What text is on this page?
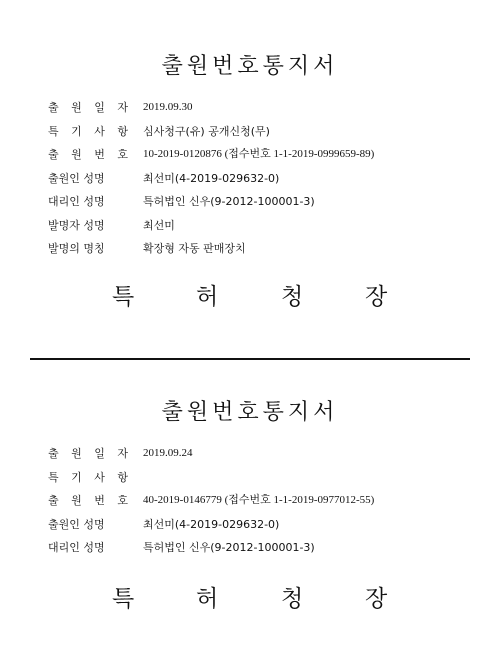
출원번호통지서
출 원 일 자 2019.09.30
특 기 사 항 심사청구(유) 공개신청(무)
출 원 번 호 10-2019-0120876 (접수번호 1-1-2019-0999659-89)
출원인 성명	최선미(4-2019-029632-0)
대리인 성명	특허법인 신우(9-2012-100001-3)
발명자 성명	최선미
발명의 명칭	확장형 자동 판매장치
특	허	청	장
출원번호통지서
출 원 일 자 2019.09.24
특 기 사 항
출 원 번 호 40-2019-0146779 (접수번호 1-1-2019-0977012-55)
출원인 성명	최선미(4-2019-029632-0)
대리인 성명	특허법인 신우(9-2012-100001-3)
특	허	청	장
